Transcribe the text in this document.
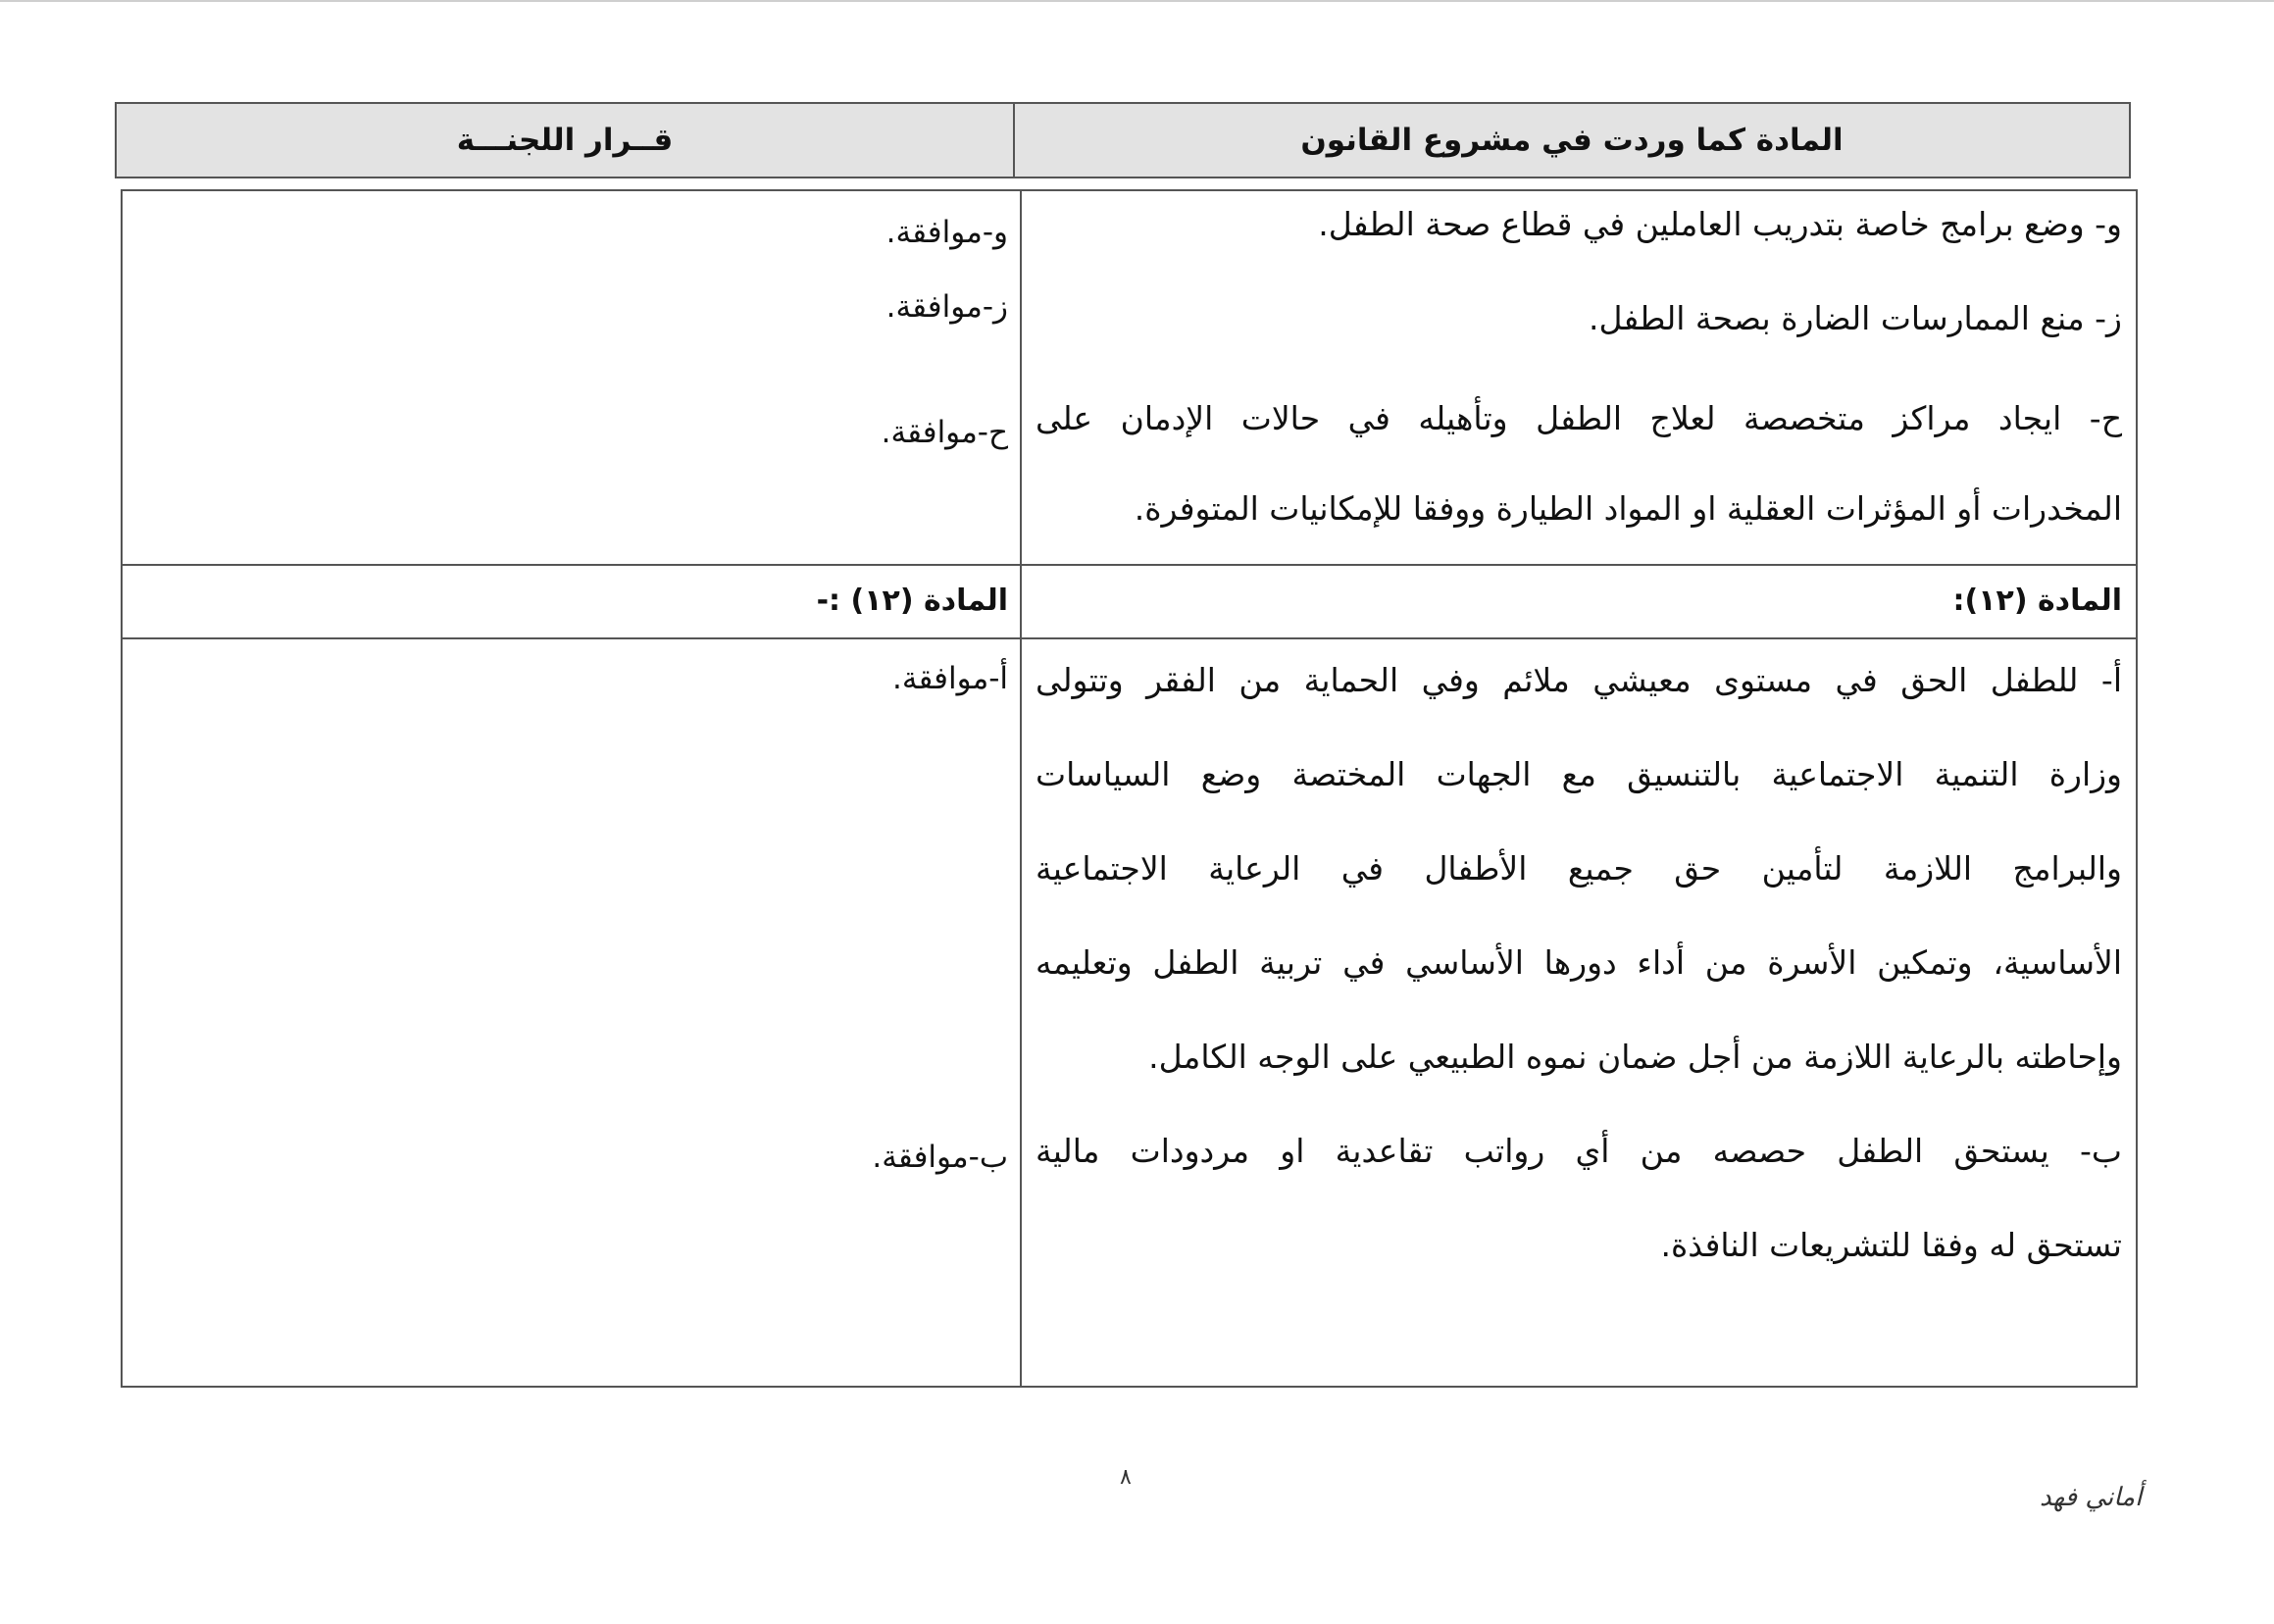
المادة كما وردت في مشروع القانون
قــرار اللجنـــة
و- وضع برامج خاصة بتدريب العاملين في قطاع صحة الطفل.
ز- منع الممارسات الضارة بصحة الطفل.
ح- ايجاد مراكز متخصصة لعلاج الطفل وتأهيله في حالات الإدمان على
المخدرات أو المؤثرات العقلية او المواد الطيارة ووفقا للإمكانيات المتوفرة.
و-موافقة.
ز-موافقة.
ح-موافقة.
المادة (١٢):
المادة (١٢) :-
أ- للطفل الحق في مستوى معيشي ملائم وفي الحماية من الفقر وتتولى
وزارة التنمية الاجتماعية بالتنسيق مع الجهات المختصة وضع السياسات
والبرامج اللازمة لتأمين حق جميع الأطفال في الرعاية الاجتماعية
الأساسية، وتمكين الأسرة من أداء دورها الأساسي في تربية الطفل وتعليمه
وإحاطته بالرعاية اللازمة من أجل ضمان نموه الطبيعي على الوجه الكامل.
ب- يستحق الطفل حصصه من أي رواتب تقاعدية او مردودات مالية
تستحق له وفقا للتشريعات النافذة.
أ-موافقة.
ب-موافقة.
٨
أماني فهد
